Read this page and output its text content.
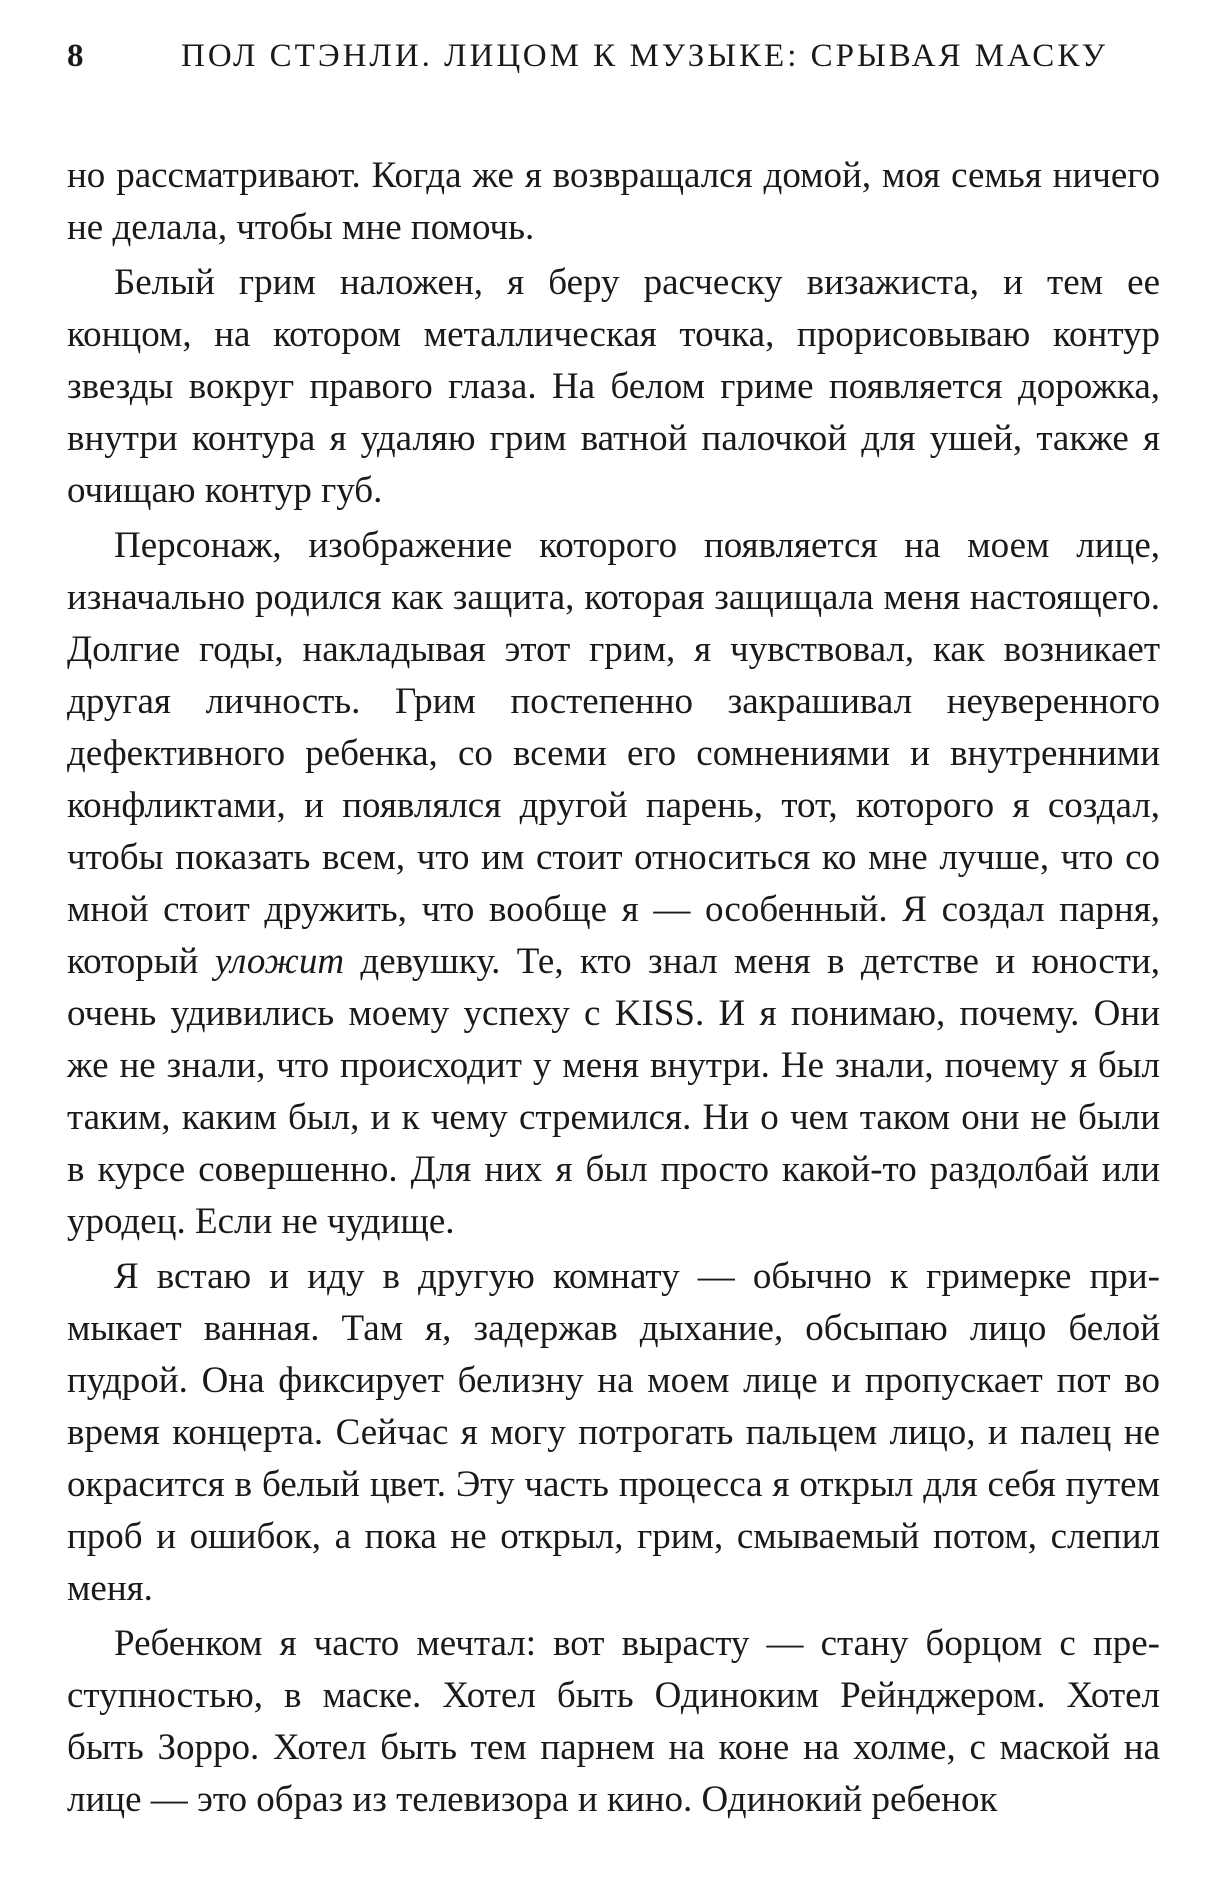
8	ПОЛ СТЭНЛИ. ЛИЦОМ К МУЗЫКЕ: СРЫВАЯ МАСКУ

но рассматривают. Когда же я возвращался домой, моя семья ничего не делала, чтобы мне помочь.

Белый грим наложен, я беру расческу визажиста, и тем ее концом, на котором металлическая точка, прорисовываю контур звезды вокруг правого глаза. На белом гриме появляется дорожка, внутри контура я удаляю грим ватной палочкой для ушей, также я очищаю контур губ.

Персонаж, изображение которого появляется на моем лице, изначально родился как защита, которая защищала меня настоящего. Долгие годы, накладывая этот грим, я чувствовал, как возникает другая личность. Грим постепенно закрашивал неуверенного дефективного ребенка, со всеми его сомнениями и внутренними конфликтами, и появлялся другой парень, тот, которого я создал, чтобы показать всем, что им стоит относиться ко мне лучше, что со мной стоит дружить, что вообще я — особенный. Я создал парня, который уложит девушку. Те, кто знал меня в детстве и юности, очень удивились моему успеху с KISS. И я понимаю, почему. Они же не знали, что происходит у меня внутри. Не знали, почему я был таким, каким был, и к чему стремился. Ни о чем таком они не были в курсе совершенно. Для них я был просто какой-то раздолбай или уродец. Если не чудище.

Я встаю и иду в другую комнату — обычно к гримерке примыкает ванная. Там я, задержав дыхание, обсыпаю лицо белой пудрой. Она фиксирует белизну на моем лице и пропускает пот во время концерта. Сейчас я могу потрогать пальцем лицо, и палец не окрасится в белый цвет. Эту часть процесса я открыл для себя путем проб и ошибок, а пока не открыл, грим, смываемый потом, слепил меня.

Ребенком я часто мечтал: вот вырасту — стану борцом с преступностью, в маске. Хотел быть Одиноким Рейнджером. Хотел быть Зорро. Хотел быть тем парнем на коне на холме, с маской на лице — это образ из телевизора и кино. Одинокий ребенок
